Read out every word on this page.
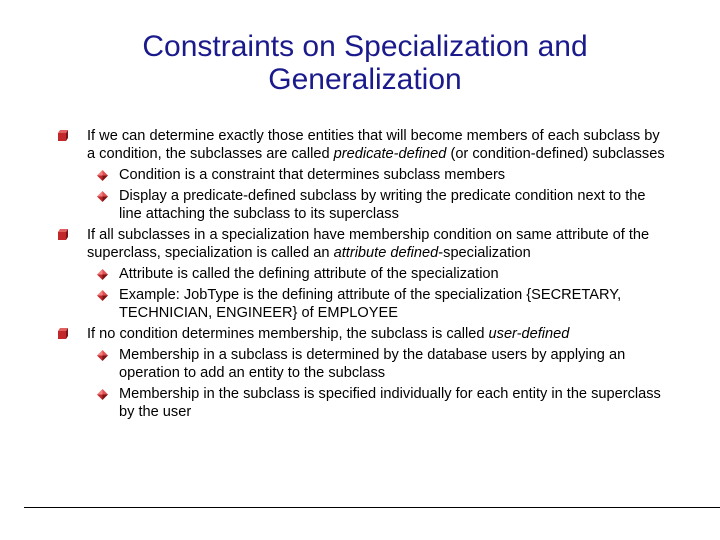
Constraints on Specialization and
Generalization
If we can determine exactly those entities that will become members of each subclass by a condition, the subclasses are called predicate-defined (or condition-defined) subclasses
Condition is a constraint that determines subclass members
Display a predicate-defined subclass by writing the predicate condition next to the line attaching the subclass to its superclass
If all subclasses in a specialization have membership condition on same attribute of the superclass, specialization is called an attribute defined-specialization
Attribute is called the defining attribute of the specialization
Example: JobType is the defining attribute of the specialization {SECRETARY, TECHNICIAN, ENGINEER} of EMPLOYEE
If no condition determines membership, the subclass is called user-defined
Membership in a subclass is determined by the database users by applying an operation to add an entity to the subclass
Membership in the subclass is specified individually for each entity in the superclass by the user
